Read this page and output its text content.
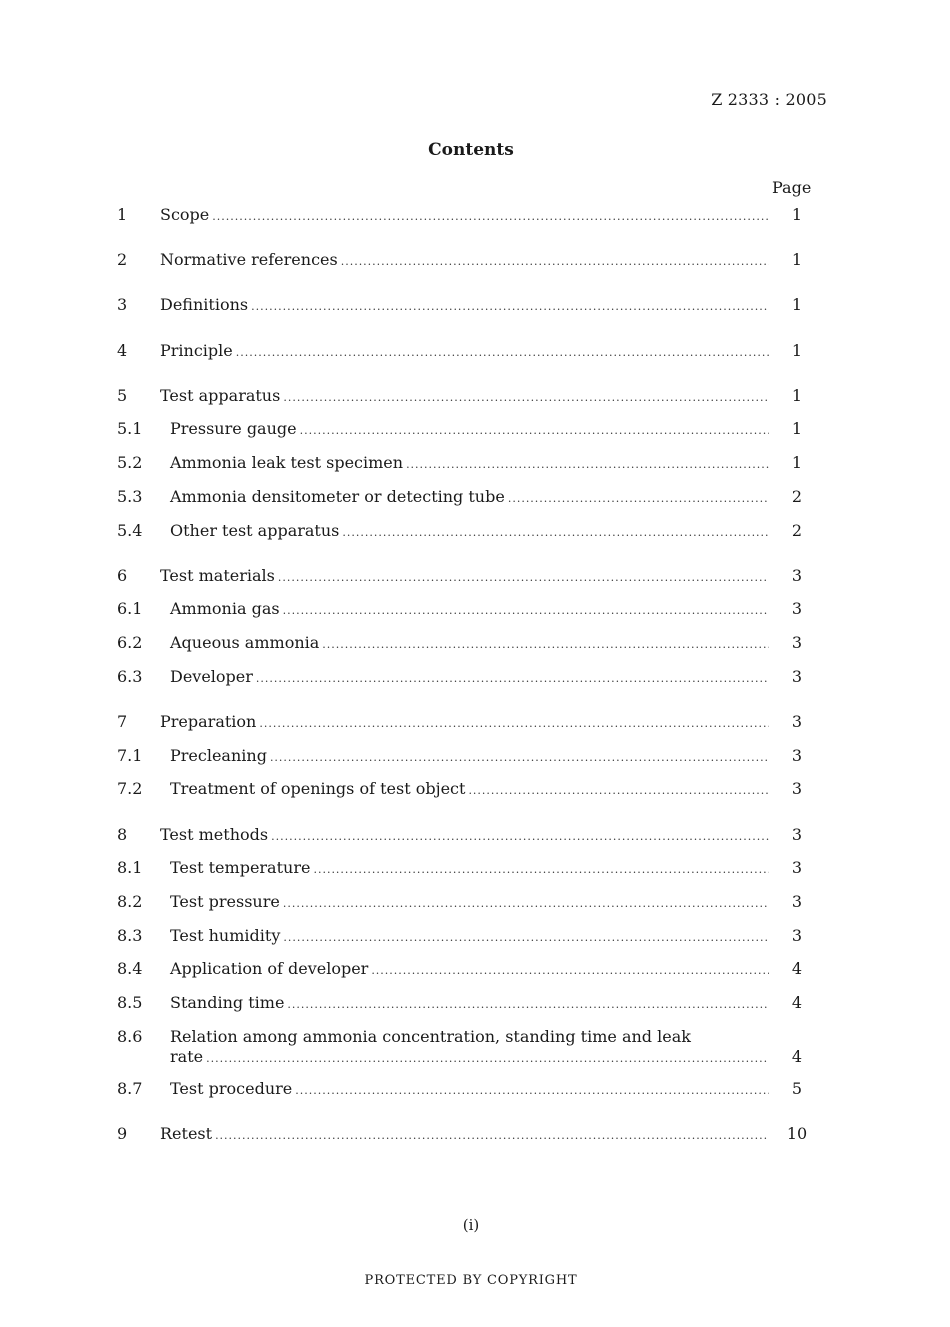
Z 2333 : 2005
Contents
Page
1 Scope .....	1
2 Normative references .....	1
3 Definitions .....	1
4 Principle .....	1
5 Test apparatus .....	1
5.1 Pressure gauge .....	1
5.2 Ammonia leak test specimen .....	1
5.3 Ammonia densitometer or detecting tube .....	2
5.4 Other test apparatus .....	2
6 Test materials .....	3
6.1 Ammonia gas .....	3
6.2 Aqueous ammonia .....	3
6.3 Developer .....	3
7 Preparation .....	3
7.1 Precleaning .....	3
7.2 Treatment of openings of test object .....	3
8 Test methods .....	3
8.1 Test temperature .....	3
8.2 Test pressure .....	3
8.3 Test humidity .....	3
8.4 Application of developer .....	4
8.5 Standing time .....	4
8.6 Relation among ammonia concentration, standing time and leak
rate .....	4
8.7 Test procedure .....	5
9 Retest .....	10
(i)
PROTECTED BY COPYRIGHT
